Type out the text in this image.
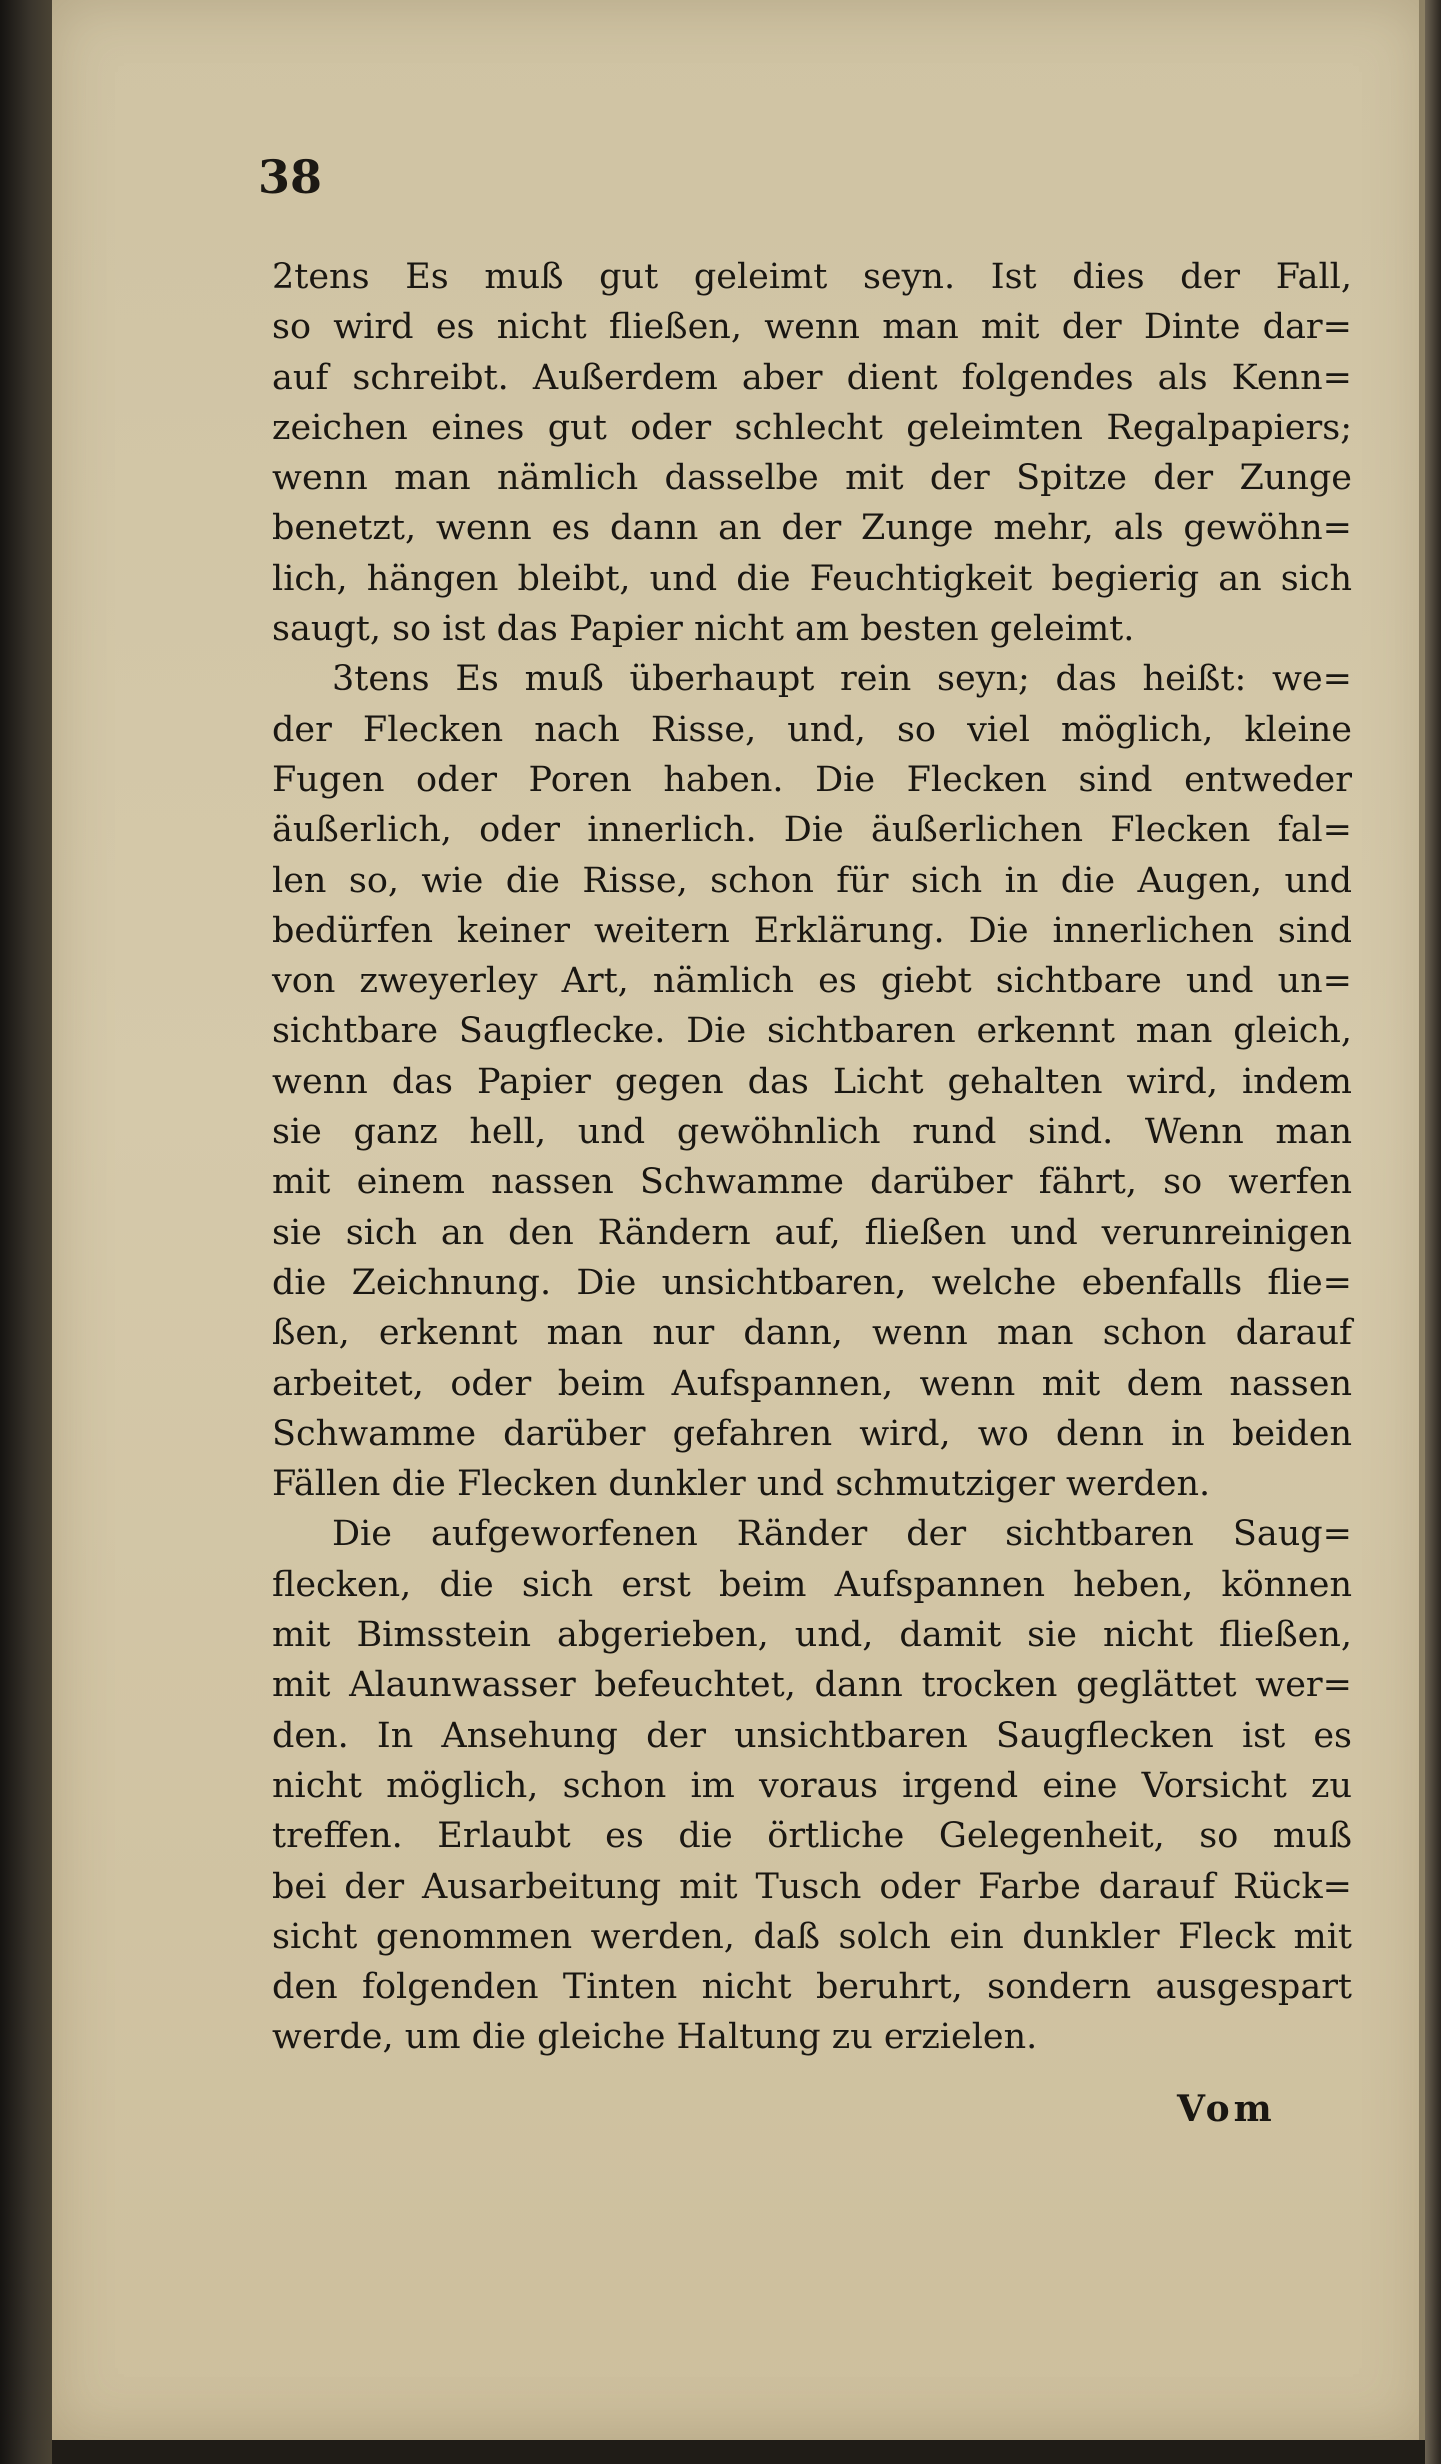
38
2tens Es muß gut geleimt seyn. Ist dies der Fall,
so wird es nicht fließen, wenn man mit der Dinte dar=
auf schreibt. Außerdem aber dient folgendes als Kenn=
zeichen eines gut oder schlecht geleimten Regalpapiers;
wenn man nämlich dasselbe mit der Spitze der Zunge
benetzt, wenn es dann an der Zunge mehr, als gewöhn=
lich, hängen bleibt, und die Feuchtigkeit begierig an sich
saugt, so ist das Papier nicht am besten geleimt.
3tens Es muß überhaupt rein seyn; das heißt: we=
der Flecken nach Risse, und, so viel möglich, kleine
Fugen oder Poren haben. Die Flecken sind entweder
äußerlich, oder innerlich. Die äußerlichen Flecken fal=
len so, wie die Risse, schon für sich in die Augen, und
bedürfen keiner weitern Erklärung. Die innerlichen sind
von zweyerley Art, nämlich es giebt sichtbare und un=
sichtbare Saugflecke. Die sichtbaren erkennt man gleich,
wenn das Papier gegen das Licht gehalten wird, indem
sie ganz hell, und gewöhnlich rund sind. Wenn man
mit einem nassen Schwamme darüber fährt, so werfen
sie sich an den Rändern auf, fließen und verunreinigen
die Zeichnung. Die unsichtbaren, welche ebenfalls flie=
ßen, erkennt man nur dann, wenn man schon darauf
arbeitet, oder beim Aufspannen, wenn mit dem nassen
Schwamme darüber gefahren wird, wo denn in beiden
Fällen die Flecken dunkler und schmutziger werden.
Die aufgeworfenen Ränder der sichtbaren Saug=
flecken, die sich erst beim Aufspannen heben, können
mit Bimsstein abgerieben, und, damit sie nicht fließen,
mit Alaunwasser befeuchtet, dann trocken geglättet wer=
den. In Ansehung der unsichtbaren Saugflecken ist es
nicht möglich, schon im voraus irgend eine Vorsicht zu
treffen. Erlaubt es die örtliche Gelegenheit, so muß
bei der Ausarbeitung mit Tusch oder Farbe darauf Rück=
sicht genommen werden, daß solch ein dunkler Fleck mit
den folgenden Tinten nicht beruhrt, sondern ausgespart
werde, um die gleiche Haltung zu erzielen.
Vom
